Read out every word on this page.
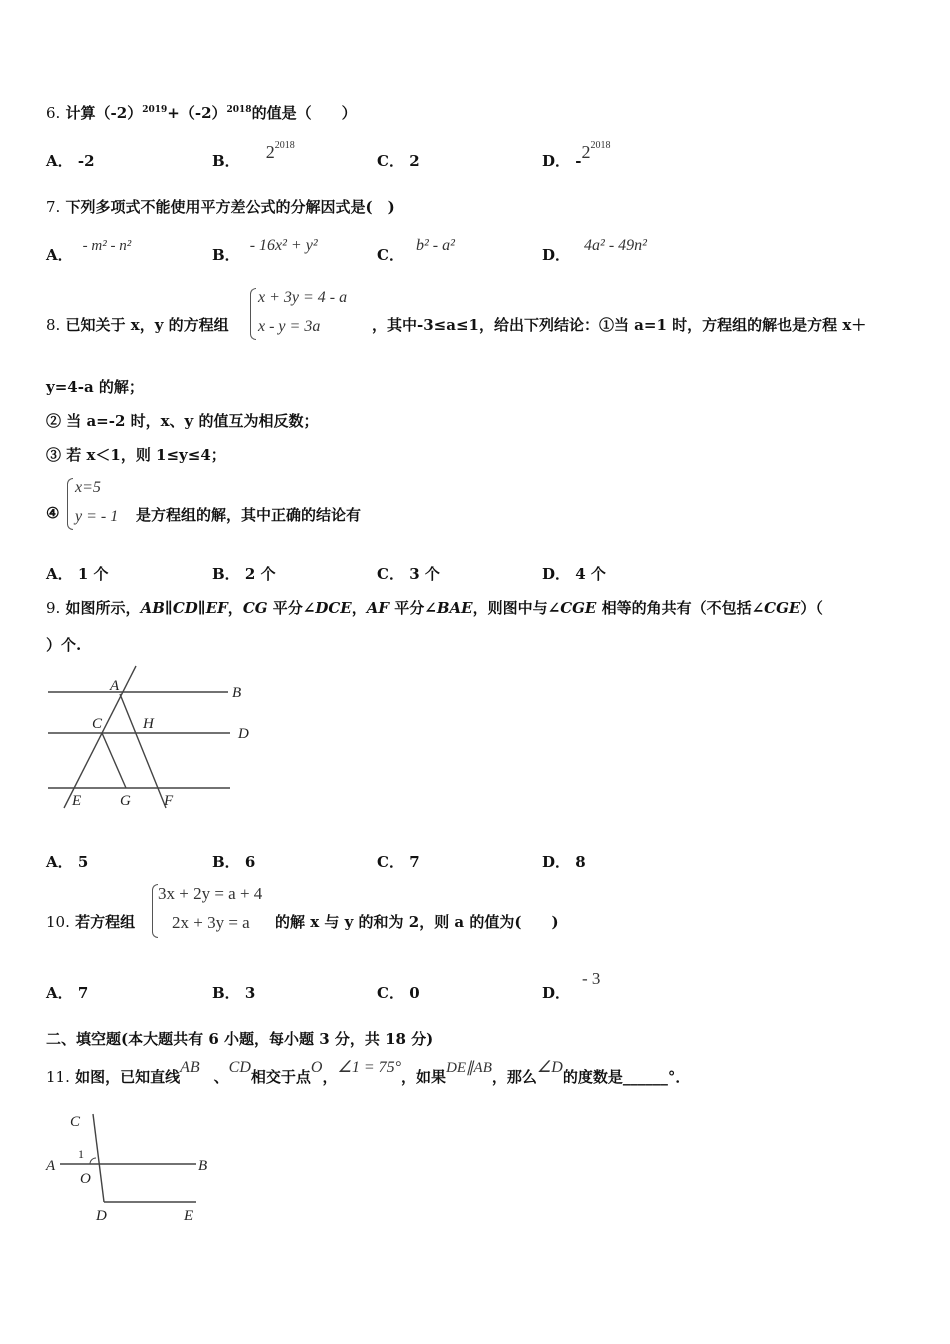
6. 计算$(-2)^{2019}+(-2)^{2018}$的值是（　　）
A． -2	B． $2^{2018}$
C． 2	D． $-2^{2018}$
7. 下列多项式不能使用平方差公式的分解因式是(　)
A． - m² - n²	B．- 16x² + y²
C．b² - a²
D．4a² - 49n²
8. 已知关于 x，y 的方程组
x + 3y = 4 - a
x - y = 3a	，其中-3≤a≤1，给出下列结论：①当 a=1 时，方程组的解也是方程 x＋
y=4-a 的解；
② 当 a=-2 时，x、y 的值互为相反数；
③ 若 x＜1，则 1≤y≤4；
④
x=5
y = - 1 是方程组的解，其中正确的结论有
A． 1 个	B． 2 个	C． 3 个	D． 4 个
9. 如图所示，AB∥CD∥EF，CG 平分∠DCE，AF 平分∠BAE，则图中与∠CGE 相等的角共有（不包括∠CGE）（
）个.
A	B
C	H
D
E	G F
A． 5	B． 6	C． 7	D． 8
10. 若方程组
3x + 2y = a + 4
2x + 3y = a 的解 x 与 y 的和为 2，则 a 的值为(　　)
A． 7	B． 3	C． 0	D．- 3
二、填空题(本大题共有 6 小题，每小题 3 分，共 18 分)
11. 如图，已知直线AB、CD相交于点O，∠1 = 75°，如果DE∥AB，那么∠D的度数是______°．
C
1
A
O
B
D	E
